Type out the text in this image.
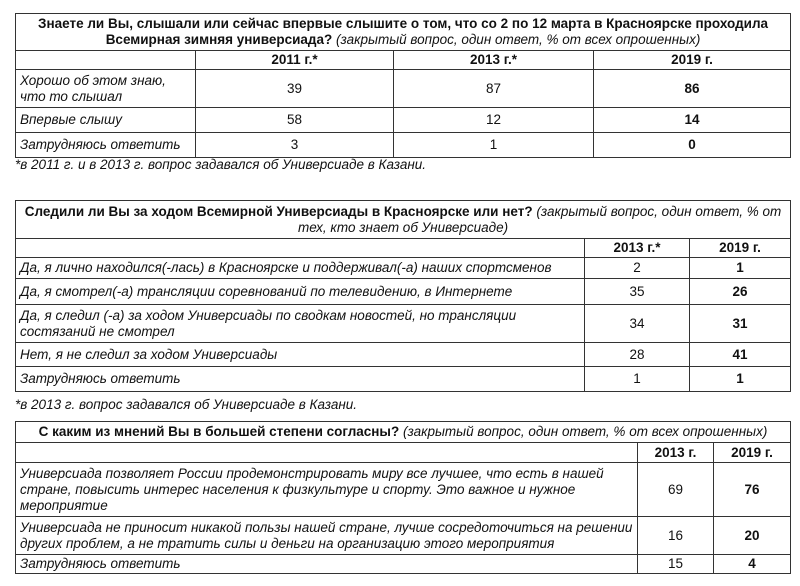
Знаете ли Вы, слышали или сейчас впервые слышите о том, что со 2 по 12 марта в Красноярске проходила Всемирная зимняя универсиада? (закрытый вопрос, один ответ, % от всех опрошенных)			
	2011 г.*	2013 г.*	2019 г.
Хорошо об этом знаю, что то слышал	39	87	86
Впервые слышу	58	12	14
Затрудняюсь ответить	3	1	0
*в 2011 г. и в 2013 г. вопрос задавался об Универсиаде в Казани.
Следили ли Вы за ходом Всемирной Универсиады в Красноярске или нет? (закрытый вопрос, один ответ, % от тех, кто знает об Универсиаде)		
	2013 г.*	2019 г.
Да, я лично находился(-лась) в Красноярске и поддерживал(-а) наших спортсменов	2	1
Да, я смотрел(-а) трансляции соревнований по телевидению, в Интернете	35	26
Да, я следил (-а) за ходом Универсиады по сводкам новостей, но трансляции состязаний не смотрел	34	31
Нет, я не следил за ходом Универсиады	28	41
Затрудняюсь ответить	1	1
*в 2013 г. вопрос задавался об Универсиаде в Казани.
С каким из мнений Вы в большей степени согласны? (закрытый вопрос, один ответ, % от всех опрошенных)		
	2013 г.	2019 г.
Универсиада позволяет России продемонстрировать миру все лучшее, что есть в нашей стране, повысить интерес населения к физкультуре и спорту. Это важное и нужное мероприятие	69	76
Универсиада не приносит никакой пользы нашей стране, лучше сосредоточиться на решении других проблем, а не тратить силы и деньги на организацию этого мероприятия	16	20
Затрудняюсь ответить	15	4
